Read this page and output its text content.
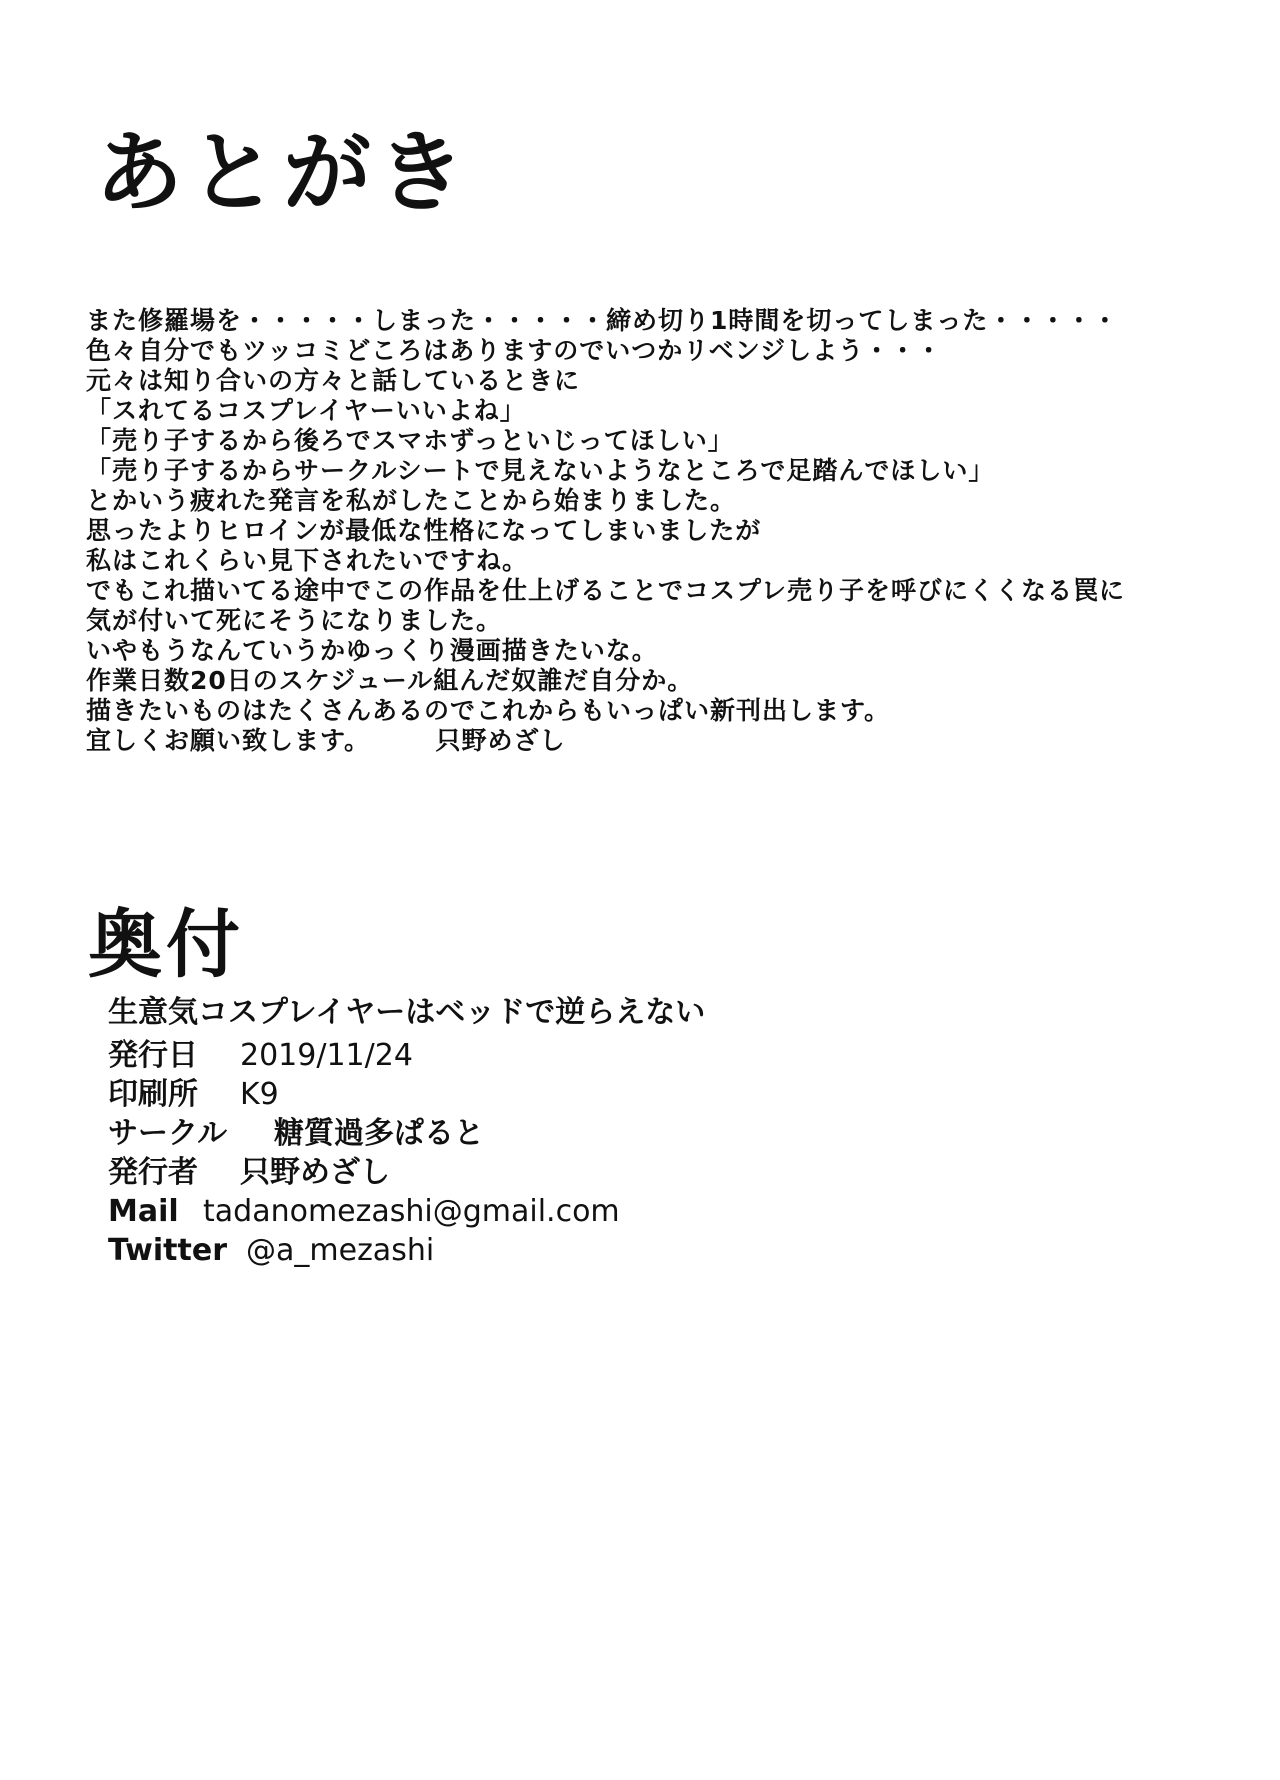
あとがき
また修羅場を・・・・・しまった・・・・・締め切り1時間を切ってしまった・・・・・
色々自分でもツッコミどころはありますのでいつかリベンジしよう・・・
元々は知り合いの方々と話しているときに
「スれてるコスプレイヤーいいよね」
「売り子するから後ろでスマホずっといじってほしい」
「売り子するからサークルシートで見えないようなところで足踏んでほしい」
とかいう疲れた発言を私がしたことから始まりました。
思ったよりヒロインが最低な性格になってしまいましたが
私はこれくらい見下されたいですね。
でもこれ描いてる途中でこの作品を仕上げることでコスプレ売り子を呼びにくくなる罠に
気が付いて死にそうになりました。
いやもうなんていうかゆっくり漫画描きたいな。
作業日数20日のスケジュール組んだ奴誰だ自分か。
描きたいものはたくさんあるのでこれからもいっぱい新刊出します。
宜しくお願い致します。　　　只野めざし
奥付
生意気コスプレイヤーはベッドで逆らえない
発行日	2019/11/24
印刷所	K9
サークル	糖質過多ぱると
発行者	只野めざし
Mail tadanomezashi@gmail.com
Twitter @a_mezashi
